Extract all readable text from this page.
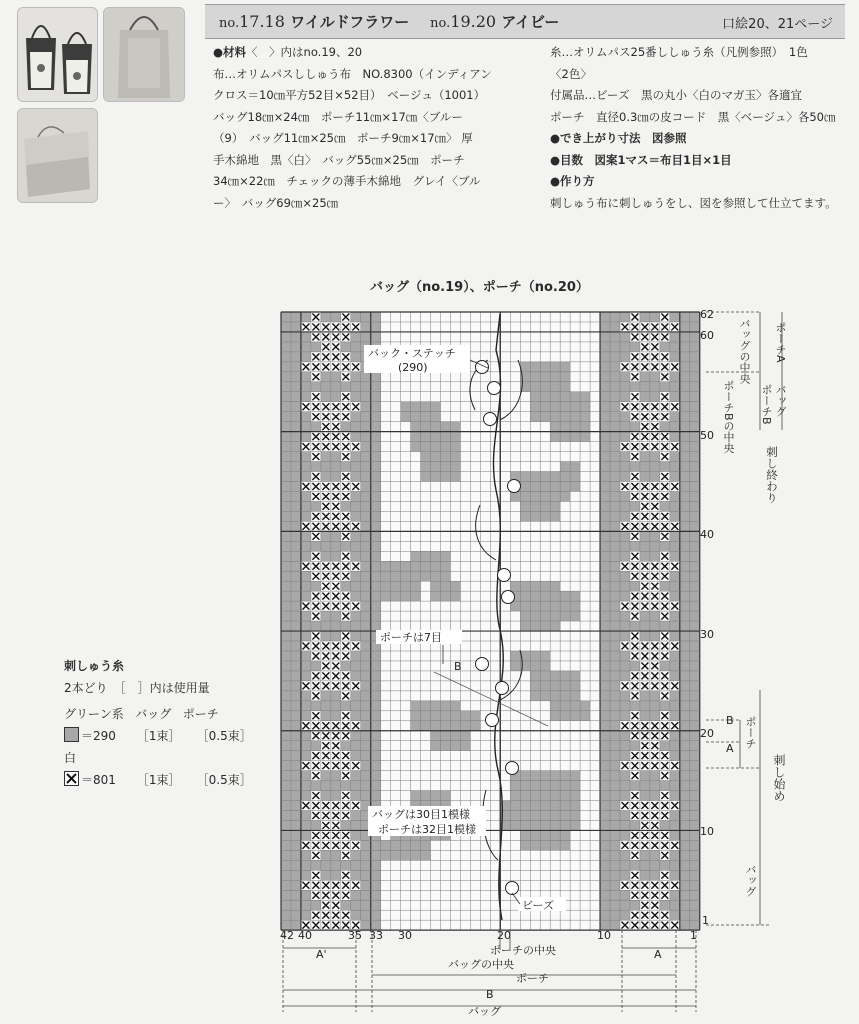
no.17.18 ワイルドフラワー no.19.20 アイビー	口絵20、21ページ
●材料〈　〉内はno.19、20
布…オリムパスししゅう布　NO.8300（インディアン
クロス＝10㎝平方52目×52目）　ベージュ（1001）
バッグ18㎝×24㎝　ポーチ11㎝×17㎝〈ブルー
（9）　バッグ11㎝×25㎝　ポーチ9㎝×17㎝〉 厚
手木綿地　黒〈白〉　バッグ55㎝×25㎝　ポーチ
34㎝×22㎝　チェックの薄手木綿地　グレイ〈ブル
ー〉　バッグ69㎝×25㎝
糸…オリムパス25番ししゅう糸（凡例参照）　1色
〈2色〉
付属品…ビーズ　黒の丸小〈白のマガ玉〉各適宜
ポーチ　直径0.3㎝の皮コード　黒〈ベージュ〉各50㎝
●でき上がり寸法　図参照
●目数　図案1マス＝布目1目×1目
●作り方
刺しゅう布に刺しゅうをし、図を参照して仕立てます。
バッグ（no.19）、ポーチ（no.20）
62
60
50
40
30
20
10
1
42 40	35 33 30	20	10	1
バック・ステッチ
(290)
ポーチは7目
B
バッグは30目1模様
ポーチは32目1模様
ビーズ
ポーチの中央
バッグの中央
A'	A
ポーチ
B
バッグ
B
A
バッグの中央
ポーチBの中央
ポーチA
バッグ
ポーチB
刺し終わり
ポーチ
刺し始め
バッグ
刺しゅう糸
2本どり　［　］内は使用量
グリーン系 バッグ ポーチ
＝290 ［1束］ ［0.5束］
白
＝801 ［1束］ ［0.5束］
